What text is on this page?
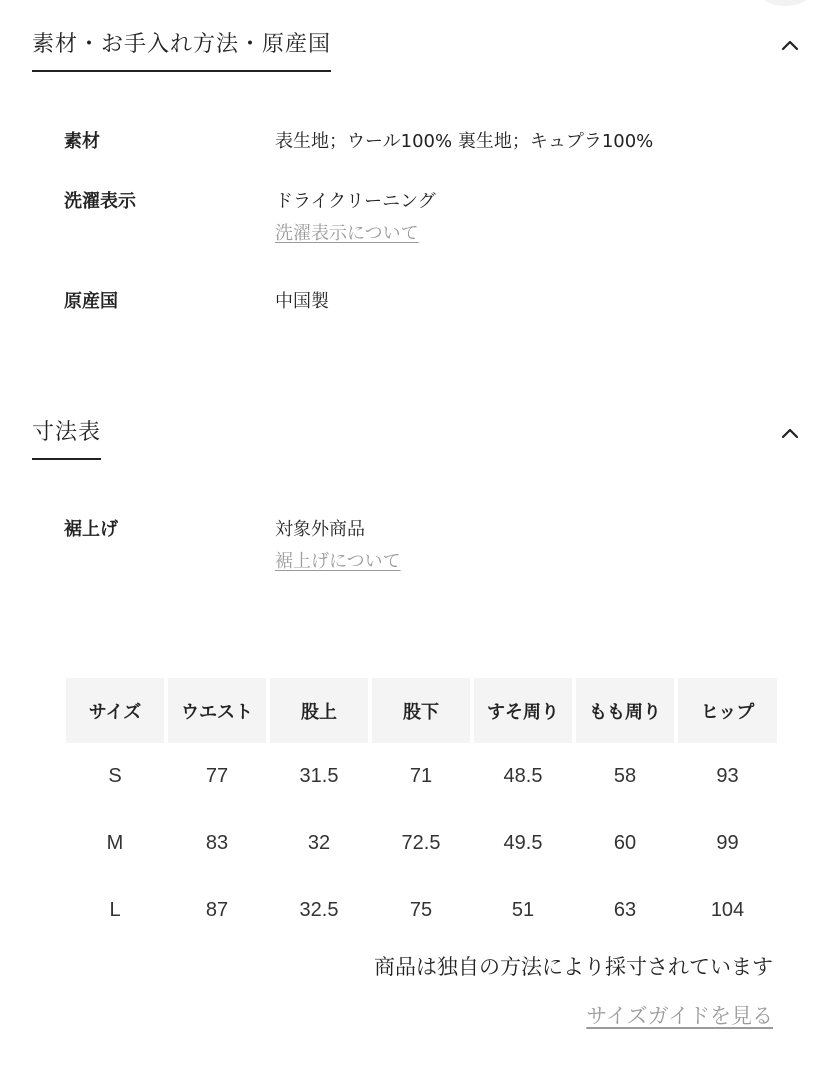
素材・お手入れ方法・原産国
素材	表生地；ウール100% 裏生地；キュプラ100%
洗濯表示	ドライクリーニング
洗濯表示について
原産国	中国製
寸法表
裾上げ	対象外商品
裾上げについて
サイズ	ウエスト	股上	股下	すそ周り	もも周り	ヒップ
S	77	31.5	71	48.5	58	93
M	83	32	72.5	49.5	60	99
L	87	32.5	75	51	63	104
商品は独自の方法により採寸されています
サイズガイドを見る
